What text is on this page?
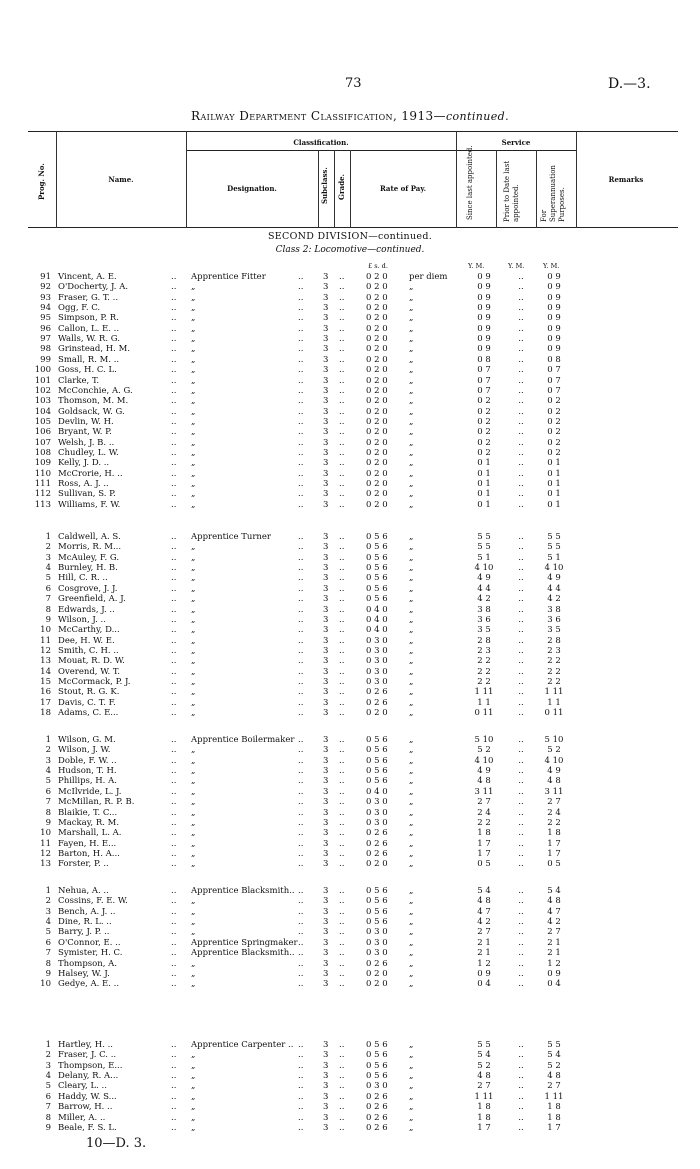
73	D.—3.
Railway Department Classification, 1913—continued.
Prog. No.	Name.
Classification.
Designation.	Subclass. Grade.	Rate of Pay.
Service
Since last appointed.	Prior to Date last appointed.	For Superannuation Purposes.
Remarks
SECOND DIVISION—continued.
Class 2: Locomotive—continued.
£ s. d.	Y. M.	Y. M.	Y. M.
91 Vincent, A. E.	.. Apprentice Fitter	.. 3 ..	0 2 0	per diem	0 9	..	0 9
92 O'Docherty, J. A.	.. „	.. 3 ..	0 2 0	„	0 9	..	0 9
93 Fraser, G. T. ..	.. „	.. 3 ..	0 2 0	„	0 9	..	0 9
94 Ogg, F. C.	.. „	.. 3 ..	0 2 0	„	0 9	..	0 9
95 Simpson, P. R.	.. „	.. 3 ..	0 2 0	„	0 9	..	0 9
96 Callon, L. E. ..	.. „	.. 3 ..	0 2 0	„	0 9	..	0 9
97 Walls, W. R. G.	.. „	.. 3 ..	0 2 0	„	0 9	..	0 9
98 Grinstead, H. M.	.. „	.. 3 ..	0 2 0	„	0 9	..	0 9
99 Small, R. M. ..	.. „	.. 3 ..	0 2 0	„	0 8	..	0 8
100 Goss, H. C. L.	.. „	.. 3 ..	0 2 0	„	0 7	..	0 7
101 Clarke, T.	.. „	.. 3 ..	0 2 0	„	0 7	..	0 7
102 McConchie, A. G.	.. „	.. 3 ..	0 2 0	„	0 7	..	0 7
103 Thomson, M. M.	.. „	.. 3 ..	0 2 0	„	0 2	..	0 2
104 Goldsack, W. G.	.. „	.. 3 ..	0 2 0	„	0 2	..	0 2
105 Devlin, W. H.	.. „	.. 3 ..	0 2 0	„	0 2	..	0 2
106 Bryant, W. P.	.. „	.. 3 ..	0 2 0	„	0 2	..	0 2
107 Welsh, J. B. ..	.. „	.. 3 ..	0 2 0	„	0 2	..	0 2
108 Chudley, L. W.	.. „	.. 3 ..	0 2 0	„	0 2	..	0 2
109 Kelly, J. D. ..	.. „	.. 3 ..	0 2 0	„	0 1	..	0 1
110 McCrorie, H. ..	.. „	.. 3 ..	0 2 0	„	0 1	..	0 1
111 Ross, A. J. ..	.. „	.. 3 ..	0 2 0	„	0 1	..	0 1
112 Sullivan, S. P.	.. „	.. 3 ..	0 2 0	„	0 1	..	0 1
113 Williams, F. W.	.. „	.. 3 ..	0 2 0	„	0 1	..	0 1
1 Caldwell, A. S.	.. Apprentice Turner	.. 3 ..	0 5 6	„	5 5	..	5 5
2 Morris, R. M...	.. „	.. 3 ..	0 5 6	„	5 5	..	5 5
3 McAuley, F. G.	.. „	.. 3 ..	0 5 6	„	5 1	..	5 1
4 Burnley, H. B.	.. „	.. 3 ..	0 5 6	„	4 10	..	4 10
5 Hill, C. R. ..	.. „	.. 3 ..	0 5 6	„	4 9	..	4 9
6 Cosgrove, J. J.	.. „	.. 3 ..	0 5 6	„	4 4	..	4 4
7 Greenfield, A. J.	.. „	.. 3 ..	0 5 6	„	4 2	..	4 2
8 Edwards, J. ..	.. „	.. 3 ..	0 4 0	„	3 8	..	3 8
9 Wilson, J. ..	.. „	.. 3 ..	0 4 0	„	3 6	..	3 6
10 McCarthy, D...	.. „	.. 3 ..	0 4 0	„	3 5	..	3 5
11 Dee, H. W. E.	.. „	.. 3 ..	0 3 0	„	2 8	..	2 8
12 Smith, C. H. ..	.. „	.. 3 ..	0 3 0	„	2 3	..	2 3
13 Mouat, R. D. W.	.. „	.. 3 ..	0 3 0	„	2 2	..	2 2
14 Overend, W. T.	.. „	.. 3 ..	0 3 0	„	2 2	..	2 2
15 McCormack, P. J.	.. „	.. 3 ..	0 3 0	„	2 2	..	2 2
16 Stout, R. G. K.	.. „	.. 3 ..	0 2 6	„	1 11	..	1 11
17 Davis, C. T. F.	.. „	.. 3 ..	0 2 6	„	1 1	..	1 1
18 Adams, C. E...	.. „	.. 3 ..	0 2 0	„	0 11	..	0 11
1 Wilson, G. M.	.. Apprentice Boilermaker .. 3 ..	0 5 6	„	5 10	..	5 10
2 Wilson, J. W.	.. „	.. 3 ..	0 5 6	„	5 2	..	5 2
3 Doble, F. W. ..	.. „	.. 3 ..	0 5 6	„	4 10	..	4 10
4 Hudson, T. H.	.. „	.. 3 ..	0 5 6	„	4 9	..	4 9
5 Phillips, H. A.	.. „	.. 3 ..	0 5 6	„	4 8	..	4 8
6 McIlvride, L. J.	.. „	.. 3 ..	0 4 0	„	3 11	..	3 11
7 McMillan, R. P. B.	.. „	.. 3 ..	0 3 0	„	2 7	..	2 7
8 Blaikie, T. C...	.. „	.. 3 ..	0 3 0	„	2 4	..	2 4
9 Mackay, R. M.	.. „	.. 3 ..	0 3 0	„	2 2	..	2 2
10 Marshall, L. A.	.. „	.. 3 ..	0 2 6	„	1 8	..	1 8
11 Fayen, H. E...	.. „	.. 3 ..	0 2 6	„	1 7	..	1 7
12 Barton, H. A...	.. „	.. 3 ..	0 2 6	„	1 7	..	1 7
13 Forster, P. ..	.. „	.. 3 ..	0 2 0	„	0 5	..	0 5
1 Nehua, A. ..	.. Apprentice Blacksmith.. .. 3 ..	0 5 6	„	5 4	..	5 4
2 Cossins, F. E. W.	.. „	.. 3 ..	0 5 6	„	4 8	..	4 8
3 Bench, A. J. ..	.. „	.. 3 ..	0 5 6	„	4 7	..	4 7
4 Dine, R. L. ..	.. „	.. 3 ..	0 5 6	„	4 2	..	4 2
5 Barry, J. P. ..	.. „	.. 3 ..	0 3 0	„	2 7	..	2 7
6 O'Connor, E. ..	.. Apprentice Springmaker .. 3 ..	0 3 0	„	2 1	..	2 1
7 Symister, H. C.	.. Apprentice Blacksmith.. .. 3 ..	0 3 0	„	2 1	..	2 1
8 Thompson, A.	.. „	.. 3 ..	0 2 6	„	1 2	..	1 2
9 Halsey, W. J.	.. „	.. 3 ..	0 2 0	„	0 9	..	0 9
10 Gedye, A. E. ..	.. „	.. 3 ..	0 2 0	„	0 4	..	0 4
1 Hartley, H. ..	.. Apprentice Carpenter .. .. 3 ..	0 5 6	„	5 5	..	5 5
2 Fraser, J. C. ..	.. „	.. 3 ..	0 5 6	„	5 4	..	5 4
3 Thompson, E...	.. „	.. 3 ..	0 5 6	„	5 2	..	5 2
4 Delany, R. A...	.. „	.. 3 ..	0 5 6	„	4 8	..	4 8
5 Cleary, L. ..	.. „	.. 3 ..	0 3 0	„	2 7	..	2 7
6 Haddy, W. S...	.. „	.. 3 ..	0 2 6	„	1 11	..	1 11
7 Barrow, H. ..	.. „	.. 3 ..	0 2 6	„	1 8	..	1 8
8 Miller, A. ..	.. „	.. 3 ..	0 2 6	„	1 8	..	1 8
9 Beale, F. S. L.	.. „	.. 3 ..	0 2 6	„	1 7	..	1 7
10—D. 3.
